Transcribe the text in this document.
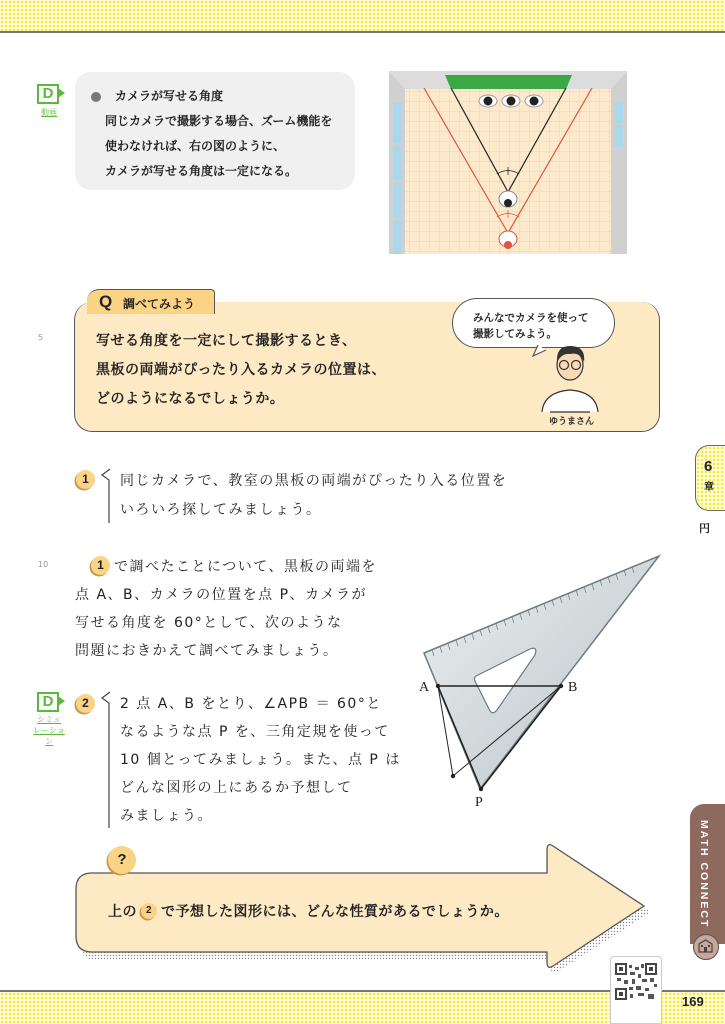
D
動画
カメラが写せる角度
同じカメラで撮影する場合、ズーム機能を
使わなければ、右の図のように、
カメラが写せる角度は一定になる。
5
Q 調べてみよう
写せる角度を一定にして撮影するとき、
黒板の両端がぴったり入るカメラの位置は、
どのようになるでしょうか。
みんなでカメラを使って
撮影してみよう。
ゆうまさん
1	同じカメラで、教室の黒板の両端がぴったり入る位置を
いろいろ探してみましょう。
6
章
円
10	1 で調べたことについて、黒板の両端を
点 A、B、カメラの位置を点 P、カメラが
写せる角度を 60°として、次のような
問題におきかえて調べてみましょう。
D
シミュ
レーション
2	2 点 A、B をとり、∠APB ＝ 60°と
なるような点 P を、三角定規を使って
10 個とってみましょう。また、点 P は
どんな図形の上にあるか予想して
みましょう。
A	B
P
?
上の 2 で予想した図形には、どんな性質があるでしょうか。	MATH CONNECT
169
